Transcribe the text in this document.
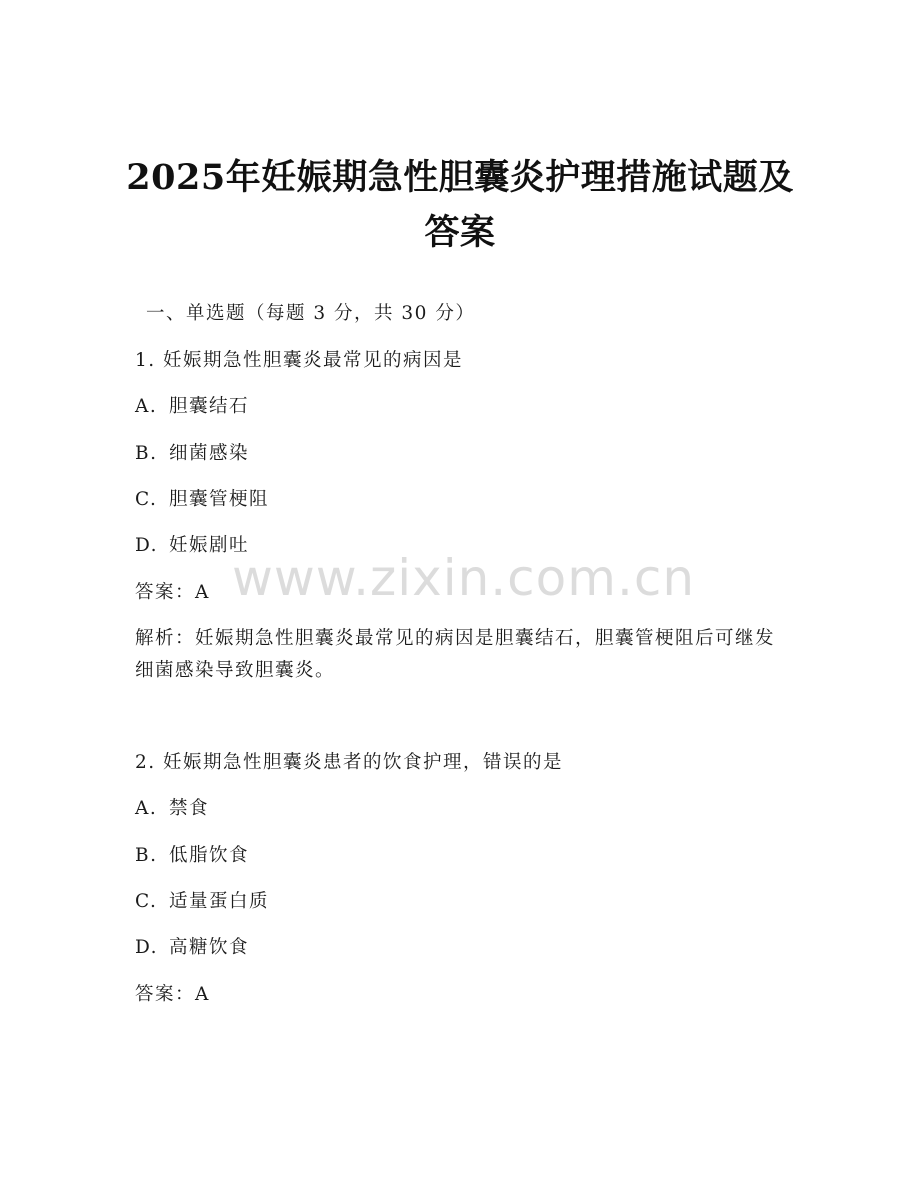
2025年妊娠期急性胆囊炎护理措施试题及答案

一、单选题（每题 3 分，共 30 分）

1. 妊娠期急性胆囊炎最常见的病因是

A. 胆囊结石

B. 细菌感染

C. 胆囊管梗阻

D. 妊娠剧吐

答案：A

解析：妊娠期急性胆囊炎最常见的病因是胆囊结石，胆囊管梗阻后可继发细菌感染导致胆囊炎。

2. 妊娠期急性胆囊炎患者的饮食护理，错误的是

A. 禁食

B. 低脂饮食

C. 适量蛋白质

D. 高糖饮食

答案：A

www.zixin.com.cn
